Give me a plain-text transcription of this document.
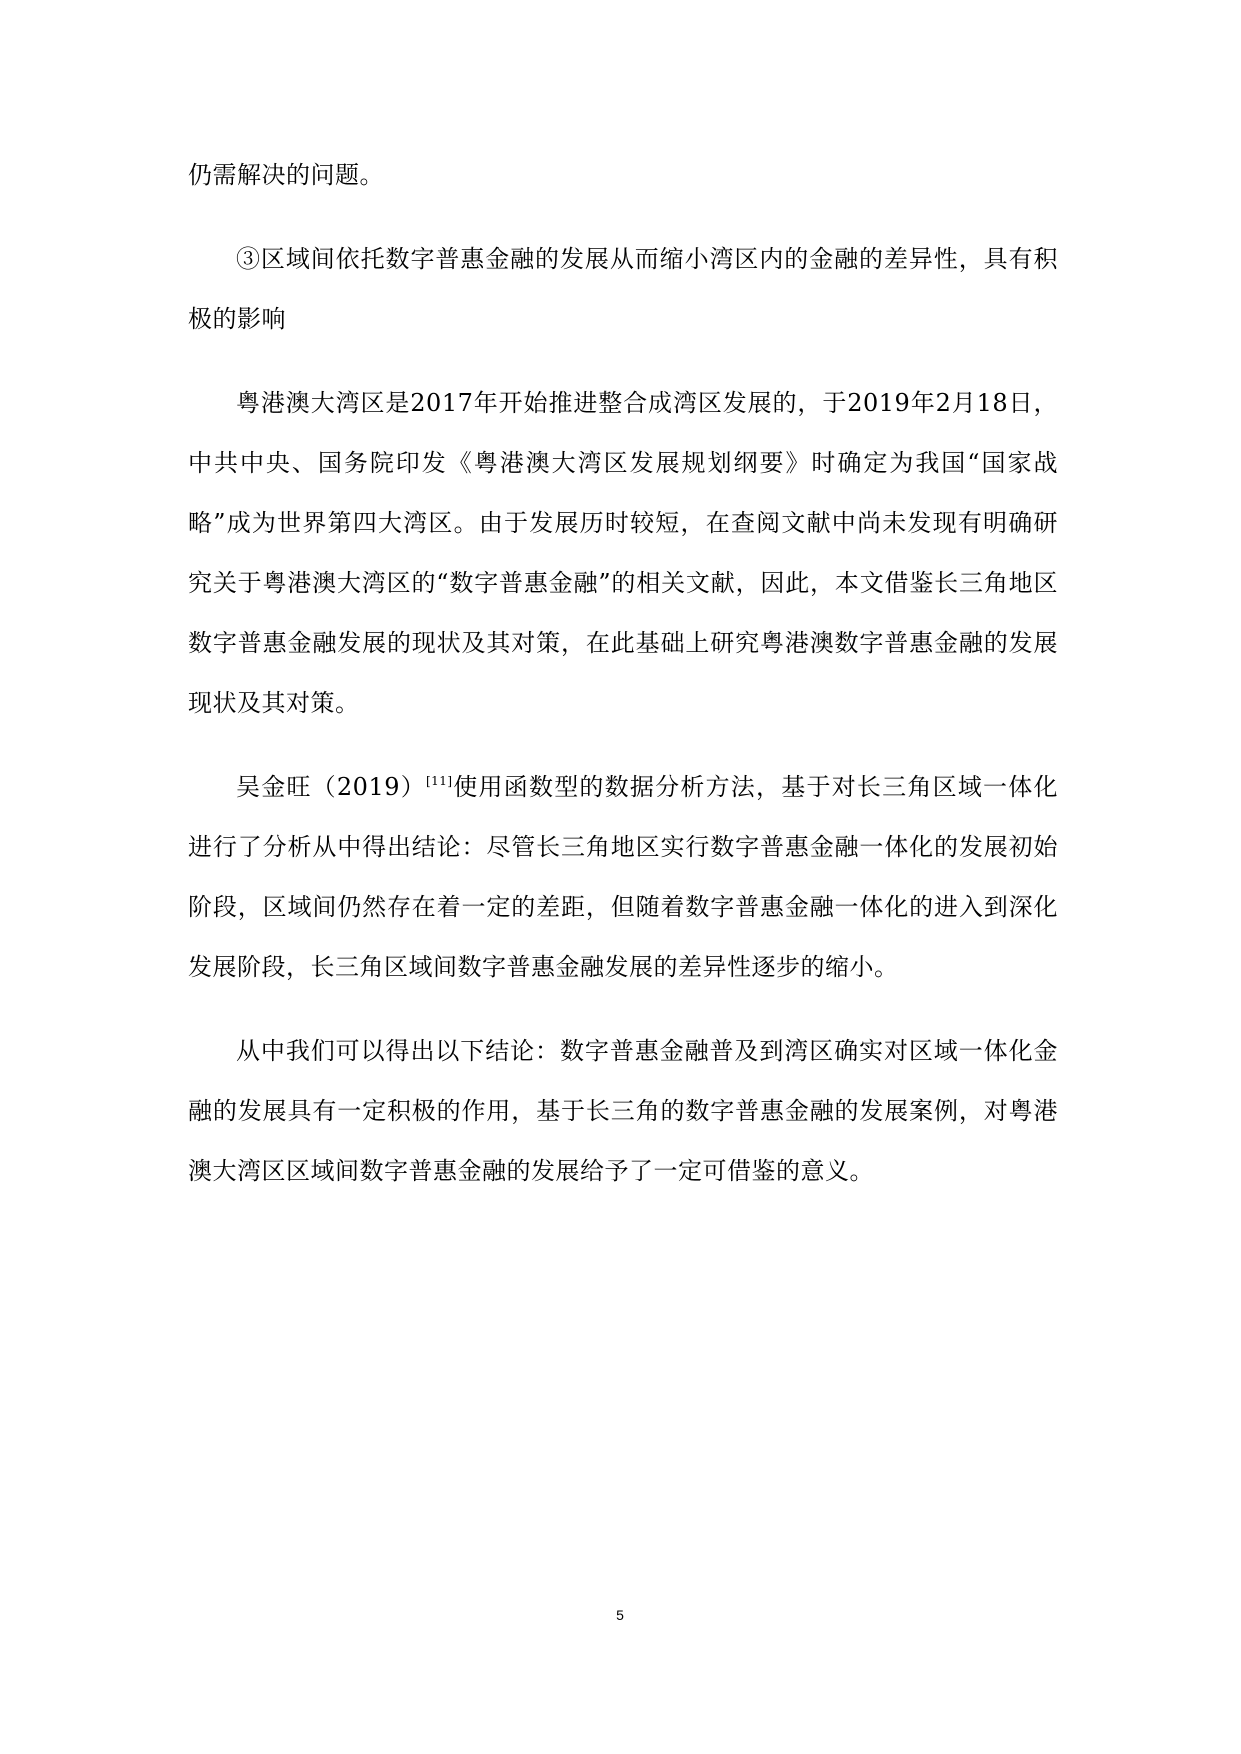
仍需解决的问题。

③区域间依托数字普惠金融的发展从而缩小湾区内的金融的差异性，具有积极的影响

粤港澳大湾区是2017年开始推进整合成湾区发展的，于2019年2月18日，中共中央、国务院印发《粤港澳大湾区发展规划纲要》时确定为我国“国家战略”成为世界第四大湾区。由于发展历时较短，在查阅文献中尚未发现有明确研究关于粤港澳大湾区的“数字普惠金融”的相关文献，因此，本文借鉴长三角地区数字普惠金融发展的现状及其对策，在此基础上研究粤港澳数字普惠金融的发展现状及其对策。

吴金旺（2019）[11]使用函数型的数据分析方法，基于对长三角区域一体化进行了分析从中得出结论：尽管长三角地区实行数字普惠金融一体化的发展初始阶段，区域间仍然存在着一定的差距，但随着数字普惠金融一体化的进入到深化发展阶段，长三角区域间数字普惠金融发展的差异性逐步的缩小。

从中我们可以得出以下结论：数字普惠金融普及到湾区确实对区域一体化金融的发展具有一定积极的作用，基于长三角的数字普惠金融的发展案例，对粤港澳大湾区区域间数字普惠金融的发展给予了一定可借鉴的意义。

5
